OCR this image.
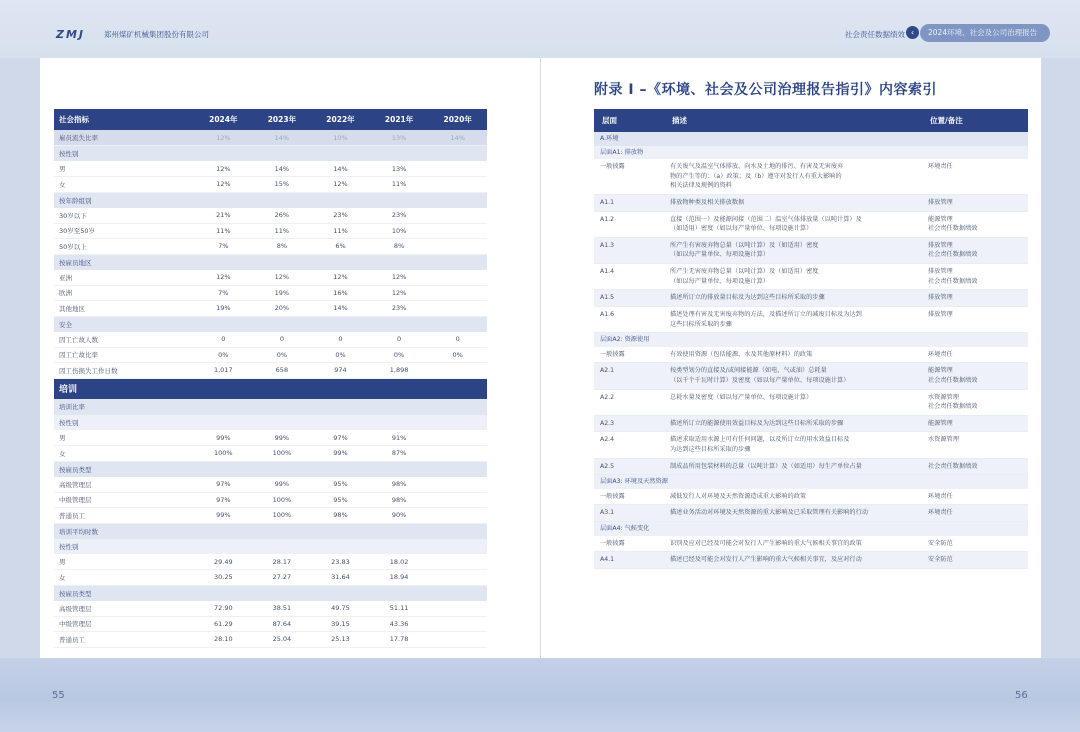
ZMJ	郑州煤矿机械集团股份有限公司	社会责任数据绩效 ‹	2024环境、社会及公司治理报告
55	56
社会指标	2024年	2023年	2022年	2021年	2020年
雇员流失比率	12%	14%	10%	13%	14%
按性别					
男	12%	14%	14%	13%	
女	12%	15%	12%	11%	
按年龄组别					
30岁以下	21%	26%	23%	23%	
30岁至50岁	11%	11%	11%	10%	
50岁以上	7%	8%	6%	8%	
按雇员地区					
亚洲	12%	12%	12%	12%	
欧洲	7%	19%	16%	12%	
其他地区	19%	20%	14%	23%	
安全					
因工亡故人数	0	0	0	0	0
因工亡故比率	0%	0%	0%	0%	0%
因工伤损失工作日数	1,017	658	974	1,898	
培训					
培训比率					
按性别					
男	99%	99%	97%	91%	
女	100%	100%	99%	87%	
按雇员类型					
高级管理层	97%	99%	95%	98%	
中级管理层	97%	100%	95%	98%	
普通员工	99%	100%	98%	90%	
培训平均时数					
按性别					
男	29.49	28.17	23.83	18.02	
女	30.25	27.27	31.64	18.94	
按雇员类型					
高级管理层	72.90	38.51	49.75	51.11	
中级管理层	61.29	87.64	39.15	43.36	
普通员工	28.10	25.04	25.13	17.78	
附录 I –《环境、社会及公司治理报告指引》内容索引
层面	描述	位置/备注
A.环境		
层面A1: 排放物		
一般披露	有关废气及温室气体排放、向水及土地的排污、有害及无害废弃
物的产生等的：（a）政策；及（b）遵守对发行人有重大影响的
相关法律及规例的资料	环境责任
A1.1	排放物种类及相关排放数据	排放管理
A1.2	直接（范围一）及能源间接（范围二）温室气体排放量（以吨计算）及
（如适用）密度（如以每产量单位、每项设施计算）	能源管理
社会责任数据绩效
A1.3	所产生有害废弃物总量（以吨计算）及（如适用）密度
（如以每产量单位、每项设施计算）	排放管理
社会责任数据绩效
A1.4	所产生无害废弃物总量（以吨计算）及（如适用）密度
（如以每产量单位、每项设施计算）	排放管理
社会责任数据绩效
A1.5	描述所订立的排放量目标及为达到这些目标所采取的步骤	排放管理
A1.6	描述处理有害及无害废弃物的方法，及描述所订立的减废目标及为达到
这些目标所采取的步骤	排放管理
层面A2: 资源使用		
一般披露	有效使用资源（包括能源、水及其他原材料）的政策	环境责任
A2.1	按类型划分的直接及/或间接能源（如电、气或油）总耗量
（以千个千瓦时计算）及密度（如以每产量单位、每项设施计算）	能源管理
社会责任数据绩效
A2.2	总耗水量及密度（如以每产量单位、每项设施计算）	水资源管理
社会责任数据绩效
A2.3	描述所订立的能源使用效益目标及为达到这些目标所采取的步骤	能源管理
A2.4	描述求取适用水源上可有任何问题，以及所订立的用水效益目标及
为达到这些目标所采取的步骤	水资源管理
A2.5	制成品所用包装材料的总量（以吨计算）及（如适用）每生产单位占量	社会责任数据绩效
层面A3: 环境及天然资源		
一般披露	减低发行人对环境及天然资源造成重大影响的政策	环境责任
A3.1	描述业务活动对环境及天然资源的重大影响及已采取管理有关影响的行动	环境责任
层面A4: 气候变化		
一般披露	识别及应对已经及可能会对发行人产生影响的重大气候相关事宜的政策	安全防范
A4.1	描述已经及可能会对发行人产生影响的重大气候相关事宜，及应对行动	安全防范
